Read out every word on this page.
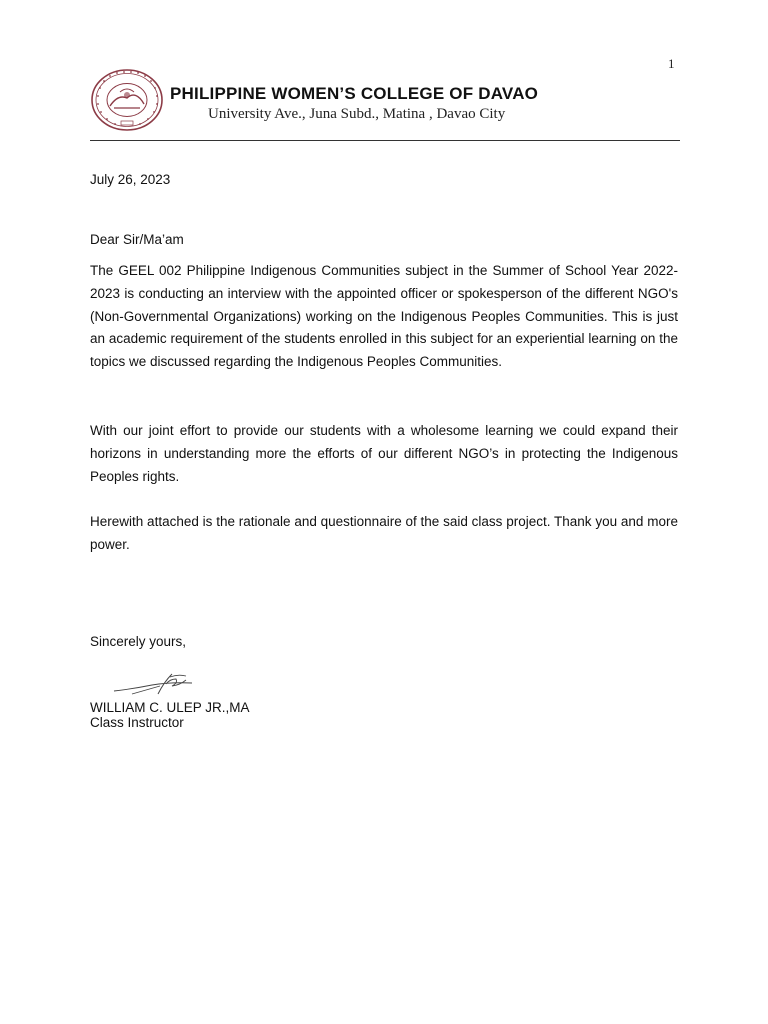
1
PHILIPPINE WOMEN’S COLLEGE OF DAVAO
University Ave., Juna Subd., Matina , Davao City
July 26, 2023
Dear Sir/Ma’am
The GEEL 002 Philippine Indigenous Communities subject in the Summer of School Year 2022-2023 is conducting an interview with the appointed officer or spokesperson of the different NGO's (Non-Governmental Organizations) working on the Indigenous Peoples Communities. This is just an academic requirement of the students enrolled in this subject for an experiential learning on the topics we discussed regarding the Indigenous Peoples Communities.
With our joint effort to provide our students with a wholesome learning we could expand their horizons in understanding more the efforts of our different NGO’s in protecting the Indigenous Peoples rights.
Herewith attached is the rationale and questionnaire of the said class project. Thank you and more power.
Sincerely yours,
WILLIAM C. ULEP JR.,MA
Class Instructor
